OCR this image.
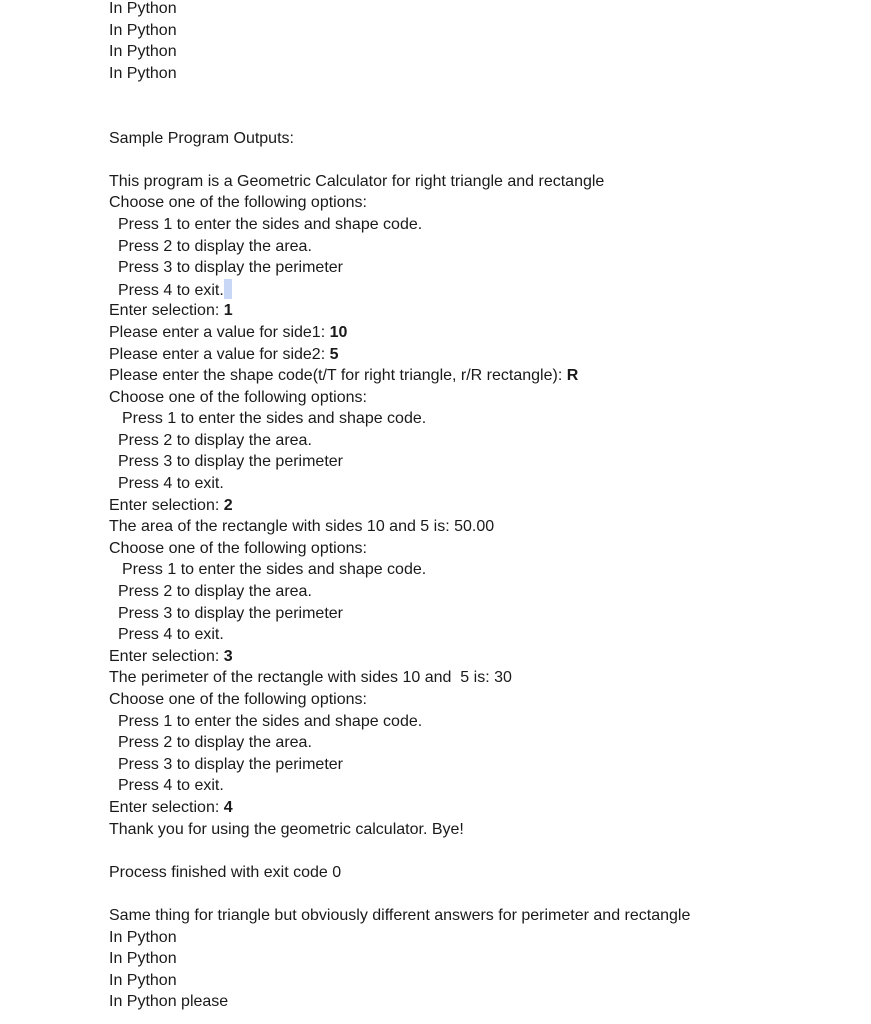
In Python
In Python
In Python
In Python
Sample Program Outputs:
This program is a Geometric Calculator for right triangle and rectangle
Choose one of the following options:
Press 1 to enter the sides and shape code.
Press 2 to display the area.
Press 3 to display the perimeter
Press 4 to exit.
Enter selection: 1
Please enter a value for side1: 10
Please enter a value for side2: 5
Please enter the shape code(t/T for right triangle, r/R rectangle): R
Choose one of the following options:
Press 1 to enter the sides and shape code.
Press 2 to display the area.
Press 3 to display the perimeter
Press 4 to exit.
Enter selection: 2
The area of the rectangle with sides 10 and 5 is: 50.00
Choose one of the following options:
Press 1 to enter the sides and shape code.
Press 2 to display the area.
Press 3 to display the perimeter
Press 4 to exit.
Enter selection: 3
The perimeter of the rectangle with sides 10 and  5 is: 30
Choose one of the following options:
Press 1 to enter the sides and shape code.
Press 2 to display the area.
Press 3 to display the perimeter
Press 4 to exit.
Enter selection: 4
Thank you for using the geometric calculator. Bye!
Process finished with exit code 0
Same thing for triangle but obviously different answers for perimeter and rectangle
In Python
In Python
In Python
In Python please
